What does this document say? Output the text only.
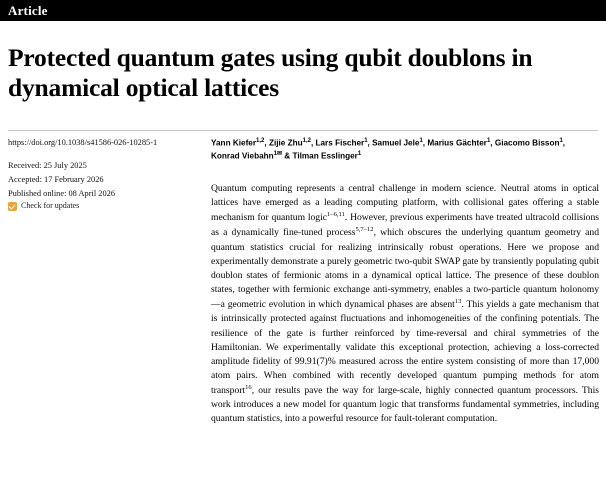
Article
Protected quantum gates using qubit doublons in dynamical optical lattices
https://doi.org/10.1038/s41586-026-10285-1
Received: 25 July 2025
Accepted: 17 February 2026
Published online: 08 April 2026
Check for updates
Yann Kiefer$^{1,2}$, Zijie Zhu$^{1,2}$, Lars Fischer$^1$, Samuel Jele$^1$, Marius Gächter$^1$, Giacomo Bisson$^1$,
Konrad Viebahn$^{1✉}$ & Tilman Esslinger$^1$
Quantum computing represents a central challenge in modern science. Neutral atoms in optical lattices have emerged as a leading computing platform, with collisional gates offering a stable mechanism for quantum logic$^{1-6,11}$. However, previous experiments have treated ultracold collisions as a dynamically fine-tuned process$^{5,7-12}$, which obscures the underlying quantum geometry and quantum statistics crucial for realizing intrinsically robust operations. Here we propose and experimentally demonstrate a purely geometric two-qubit SWAP gate by transiently populating qubit doublon states of fermionic atoms in a dynamical optical lattice. The presence of these doublon states, together with fermionic exchange anti-symmetry, enables a two-particle quantum holonomy—a geometric evolution in which dynamical phases are absent$^{13}$. This yields a gate mechanism that is intrinsically protected against fluctuations and inhomogeneities of the confining potentials. The resilience of the gate is further reinforced by time-reversal and chiral symmetries of the Hamiltonian. We experimentally validate this exceptional protection, achieving a loss-corrected amplitude fidelity of 99.91(7)% measured across the entire system consisting of more than 17,000 atom pairs. When combined with recently developed quantum pumping methods for atom transport$^{16}$, our results pave the way for large-scale, highly connected quantum processors. This work introduces a new model for quantum logic that transforms fundamental symmetries, including quantum statistics, into a powerful resource for fault-tolerant computation.
